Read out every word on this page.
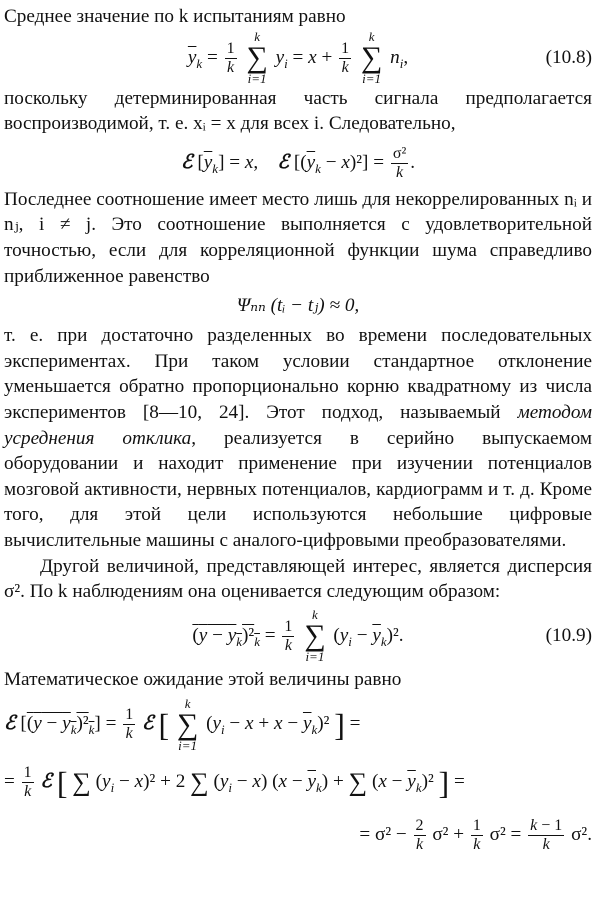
Среднее значение по k испытаниям равно

$\overline{y}_k = \frac{1}{k}$

k
∑
i=1
$y_i = x + \frac{1}{k}$

k
∑
i=1
$n_i$,	(10.8)

поскольку детерминированная часть сигнала предполагается воспроизводимой, т. е. xᵢ = x для всех i. Следовательно,

ℰ $[\overline{y}_k] = x$,    ℰ $[(\overline{y}_k - x)^2] = \frac{\text{σ²}}{k}$ .

Последнее соотношение имеет место лишь для некоррелированных nᵢ и nⱼ, i ≠ j. Это соотношение выполняется с удовлетворительной точностью, если для корреляционной функции шума справедливо приближенное равенство

Ψₙₙ (tᵢ − tⱼ) ≈ 0,

т. е. при достаточно разделенных во времени последовательных экспериментах. При таком условии стандартное отклонение уменьшается обратно пропорционально корню квадратному из числа экспериментов [8—10, 24]. Этот подход, называемый методом усреднения отклика, реализуется в серийно выпускаемом оборудовании и находит применение при изучении потенциалов мозговой активности, нервных потенциалов, кардиограмм и т. д. Кроме того, для этой цели используются небольшие цифровые вычислительные машины с аналого-цифровыми преобразователями.

Другой величиной, представляющей интерес, является дисперсия σ². По k наблюдениям она оценивается следующим образом:

$(y - y_k)^2_k = \frac{1}{k}$

k
∑
i=1
$(y_i - \overline{y}_k)^2$.	(10.9)

Математическое ожидание этой величины равно

ℰ $[(y - y_k)^2_k] = \frac{1}{k}$ ℰ [
k
∑
i=1
$(y_i - x + x - \overline{y}_k)^2$ ] =
= $\frac{1}{k}$ ℰ [ ∑ $(y_i - x)^2 + 2$ ∑ $(y_i - x) (x - \overline{y}_k)$ + ∑ $(x - \overline{y}_k)^2$ ] =
= $\sigma^2 - \frac{2}{k} \sigma^2 + \frac{1}{k} \sigma^2 = \frac{k - 1}{k} \sigma^2$.
